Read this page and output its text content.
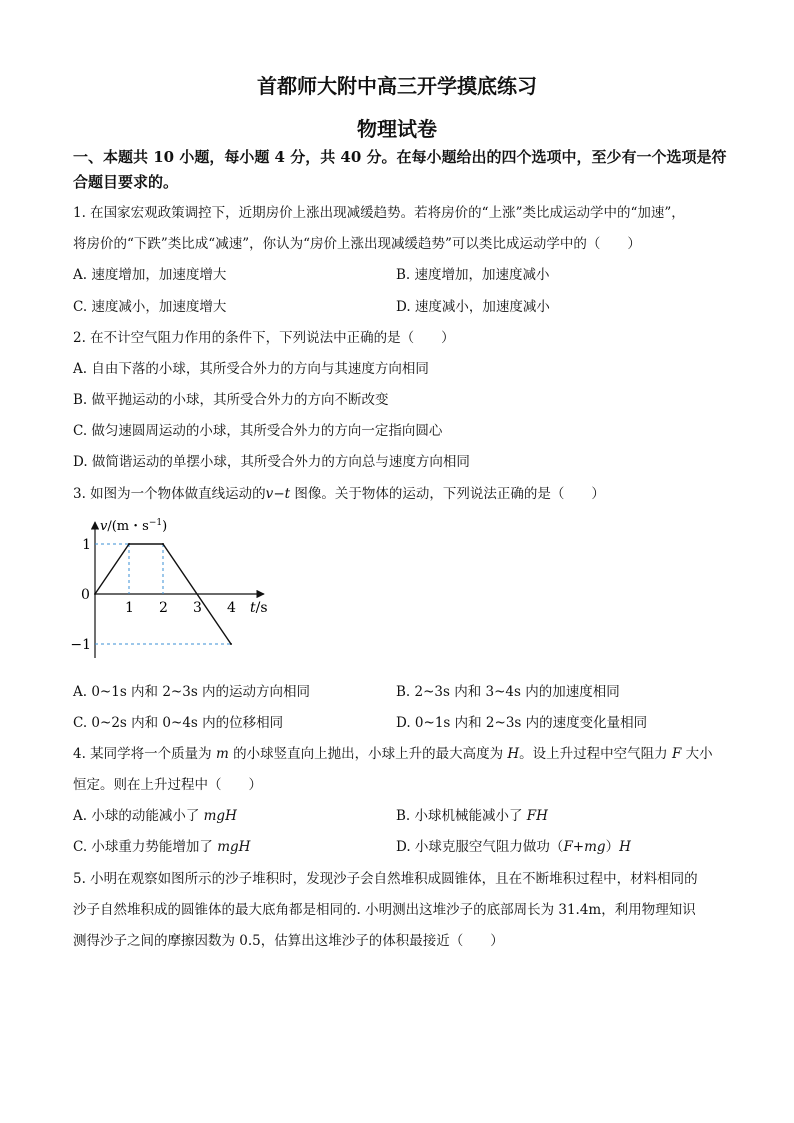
首都师大附中高三开学摸底练习
物理试卷
一、本题共 10 小题，每小题 4 分，共 40 分。在每小题给出的四个选项中，至少有一个选项是符合题目要求的。
1. 在国家宏观政策调控下，近期房价上涨出现减缓趋势。若将房价的“上涨”类比成运动学中的“加速”，
将房价的“下跌”类比成“减速”，你认为“房价上涨出现减缓趋势”可以类比成运动学中的（　　）
A. 速度增加，加速度增大	B. 速度增加，加速度减小
C. 速度减小，加速度增大	D. 速度减小，加速度减小
2. 在不计空气阻力作用的条件下，下列说法中正确的是（　　）
A. 自由下落的小球，其所受合外力的方向与其速度方向相同
B. 做平抛运动的小球，其所受合外力的方向不断改变
C. 做匀速圆周运动的小球，其所受合外力的方向一定指向圆心
D. 做简谐运动的单摆小球，其所受合外力的方向总与速度方向相同
3. 如图为一个物体做直线运动的v−t 图像。关于物体的运动，下列说法正确的是（　　）
1 2 3 4
1
−1
0
v/(m・$s^{-1}$)
t/s
A. 0~1s 内和 2~3s 内的运动方向相同	B. 2~3s 内和 3~4s 内的加速度相同
C. 0~2s 内和 0~4s 内的位移相同	D. 0~1s 内和 2~3s 内的速度变化量相同
4. 某同学将一个质量为 m 的小球竖直向上抛出，小球上升的最大高度为 H。设上升过程中空气阻力 F 大小
恒定。则在上升过程中（　　）
A. 小球的动能减小了 mgH	B. 小球机械能减小了 FH
C. 小球重力势能增加了 mgH	D. 小球克服空气阻力做功（F+mg）H
5. 小明在观察如图所示的沙子堆积时，发现沙子会自然堆积成圆锥体，且在不断堆积过程中，材料相同的
沙子自然堆积成的圆锥体的最大底角都是相同的. 小明测出这堆沙子的底部周长为 31.4m，利用物理知识
测得沙子之间的摩擦因数为 0.5，估算出这堆沙子的体积最接近（　　）
